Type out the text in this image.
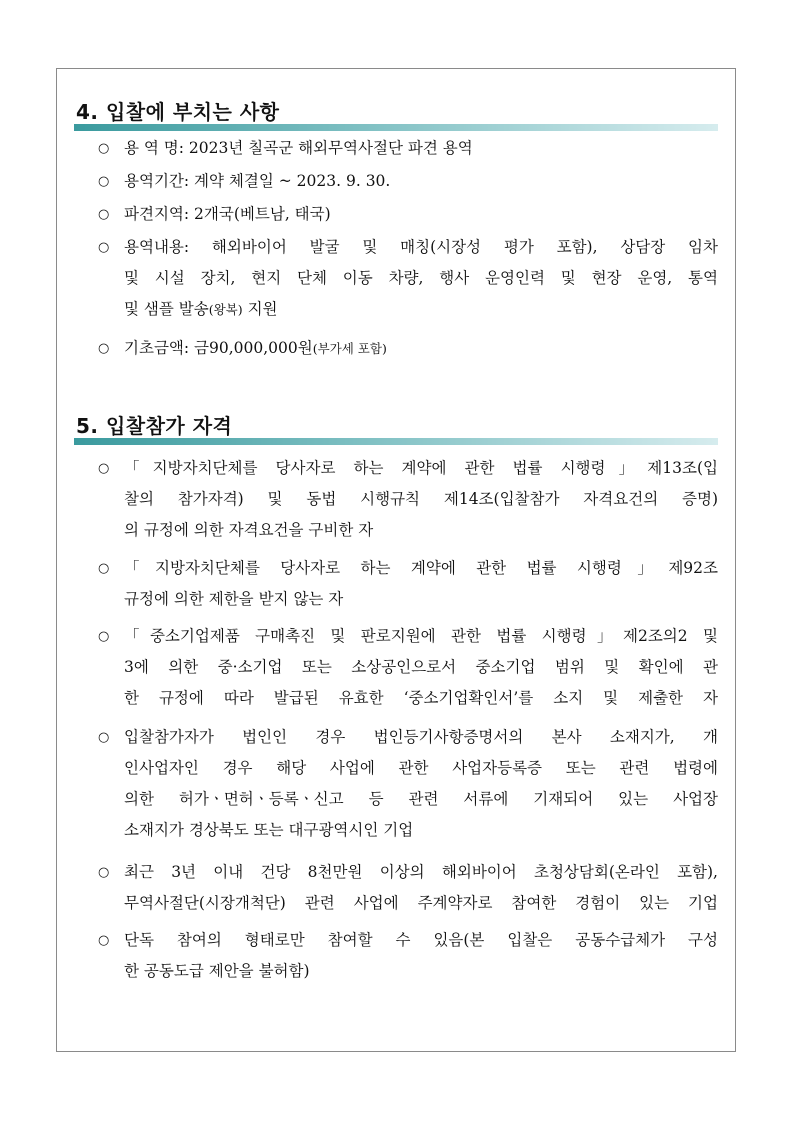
4. 입찰에 부치는 사항
○ 용 역 명: 2023년 칠곡군 해외무역사절단 파견 용역
○ 용역기간: 계약 체결일 ~ 2023. 9. 30.
○ 파견지역: 2개국(베트남, 태국)
○ 용역내용: 해외바이어 발굴 및 매칭(시장성 평가 포함), 상담장 임차
및 시설 장치, 현지 단체 이동 차량, 행사 운영인력 및 현장 운영, 통역
및 샘플 발송(왕복) 지원
○ 기초금액: 금90,000,000원(부가세 포함)
5. 입찰참가 자격
○ 「지방자치단체를 당사자로 하는 계약에 관한 법률 시행령」제13조(입
찰의 참가자격) 및 동법 시행규칙 제14조(입찰참가 자격요건의 증명)
의 규정에 의한 자격요건을 구비한 자
○ 「지방자치단체를 당사자로 하는 계약에 관한 법률 시행령」제92조
규정에 의한 제한을 받지 않는 자
○ 「중소기업제품 구매촉진 및 판로지원에 관한 법률 시행령」제2조의2 및
3에 의한 중·소기업 또는 소상공인으로서 중소기업 범위 및 확인에 관
한 규정에 따라 발급된 유효한 ‘중소기업확인서’를 소지 및 제출한 자
○ 입찰참가자가 법인인 경우 법인등기사항증명서의 본사 소재지가, 개
인사업자인 경우 해당 사업에 관한 사업자등록증 또는 관련 법령에
의한 허가ㆍ면허ㆍ등록ㆍ신고 등 관련 서류에 기재되어 있는 사업장
소재지가 경상북도 또는 대구광역시인 기업
○ 최근 3년 이내 건당 8천만원 이상의 해외바이어 초청상담회(온라인 포함),
무역사절단(시장개척단) 관련 사업에 주계약자로 참여한 경험이 있는 기업
○ 단독 참여의 형태로만 참여할 수 있음(본 입찰은 공동수급체가 구성
한 공동도급 제안을 불허함)
